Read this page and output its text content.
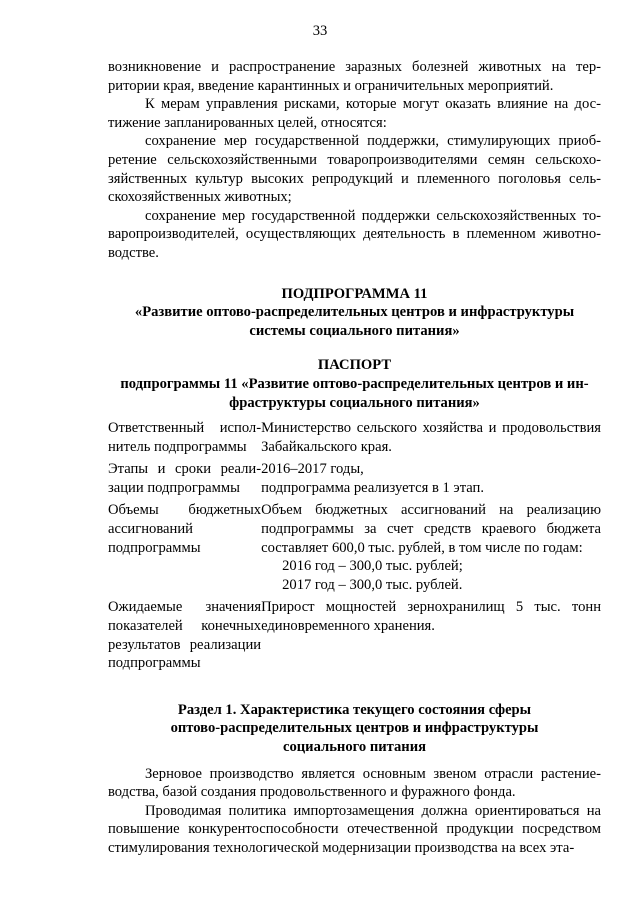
33

возникновение и распространение заразных болезней животных на территории края, введение карантинных и ограничительных мероприятий.

К мерам управления рисками, которые могут оказать влияние на достижение запланированных целей, относятся:

сохранение мер государственной поддержки, стимулирующих приобретение сельскохозяйственными товаропроизводителями семян сельскохозяйственных культур высоких репродукций и племенного поголовья сельскохозяйственных животных;

сохранение мер государственной поддержки сельскохозяйственных товаропроизводителей, осуществляющих деятельность в племенном животноводстве.

ПОДПРОГРАММА 11

«Развитие оптово-распределительных центров и инфраструктуры

системы социального питания»

ПАСПОРТ

подпрограммы 11 «Развитие оптово-распределительных центров и ин-

фраструктуры социального питания»

Ответственный исполнитель подпрограммы	Министерство сельского хозяйства и продовольствия Забайкальского края.
Этапы и сроки реализации подпрограммы	2016–2017 годы,
подпрограмма реализуется в 1 этап.

Объемы бюджетных ассигнований подпрограммы	Объем бюджетных ассигнований на реализацию подпрограммы за счет средств краевого бюджета составляет 600,0 тыс. рублей, в том числе по годам:
2016 год – 300,0 тыс. рублей;
2017 год – 300,0 тыс. рублей.

Ожидаемые значения показателей конечных результатов реализации подпрограммы	Прирост мощностей зернохранилищ 5 тыс. тонн единовременного хранения.

Раздел 1. Характеристика текущего состояния сферы

оптово-распределительных центров и инфраструктуры

социального питания

Зерновое производство является основным звеном отрасли растениеводства, базой создания продовольственного и фуражного фонда.

Проводимая политика импортозамещения должна ориентироваться на повышение конкурентоспособности отечественной продукции посредством стимулирования технологической модернизации производства на всех эта-
